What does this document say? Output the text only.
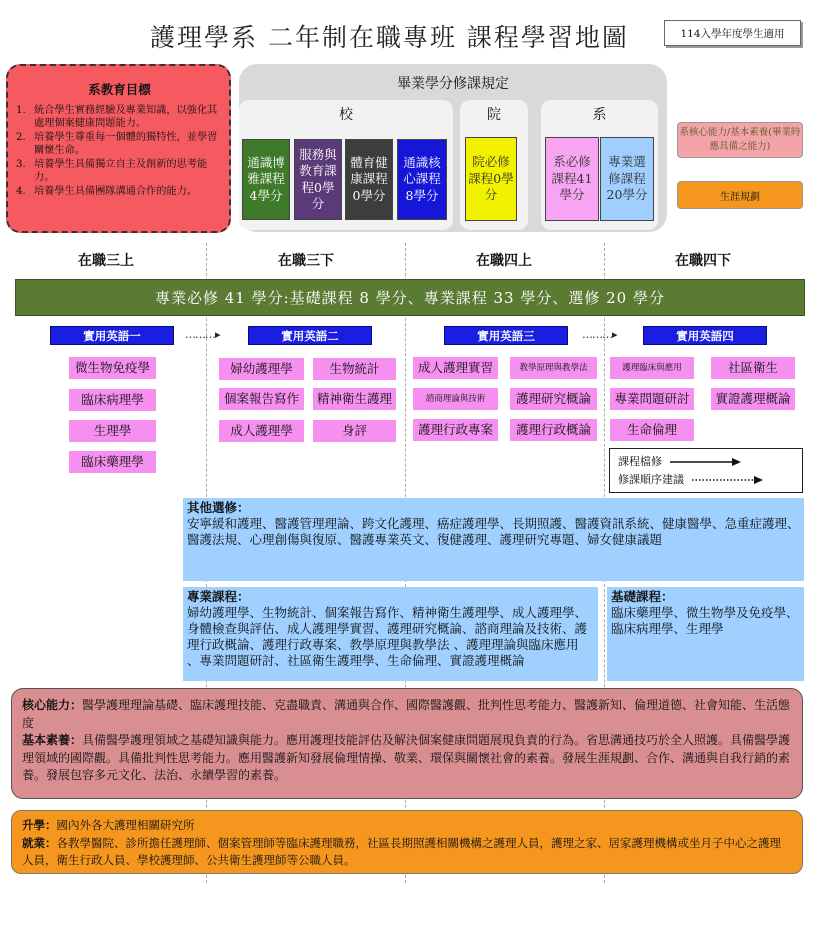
護理學系 二年制在職專班 課程學習地圖	114入學年度學生適用
系教育目標
1. 統合學生實務經驗及專業知識，以強化其處理個案健康問題能力。
2. 培養學生尊重每一個體的獨特性，並學習關懷生命。
3. 培養學生具備獨立自主及創新的思考能力。
4. 培養學生具備團隊溝通合作的能力。
畢業學分修課規定
校
通識博雅課程4學分
服務與教育課程0學分
體育健康課程0學分
通識核心課程8學分
院
院必修課程0學分
系
系必修課程41學分
專業選修課程20學分
系核心能力/基本素養(畢業時應具備之能力)
生涯規劃
在職三上	在職三下	在職四上	在職四下
專業必修 41 學分:基礎課程 8 學分、專業課程 33 學分、選修 20 學分
實用英語一	………▸	實用英語二	實用英語三	………▸	實用英語四
微生物免疫學
臨床病理學
生理學
臨床藥理學
婦幼護理學	生物統計
個案報告寫作	精神衛生護理
成人護理學	身評
成人護理實習	教學原理與教學法
諮商理論與技術	護理研究概論
護理行政專案	護理行政概論
護理臨床與應用	社區衛生
專業問題研討	實證護理概論
生命倫理
課程檔修
修課順序建議
其他選修：
安寧緩和護理、醫護管理理論、跨文化護理、癌症護理學、長期照護、醫護資訊系統、健康醫學、急重症護理、醫護法規、心理創傷與復原、醫護專業英文、復健護理、護理研究專題、婦女健康議題
專業課程：
婦幼護理學、生物統計、個案報告寫作、精神衛生護理學、成人護理學、身體檢查與評估、成人護理學實習、護理研究概論、諮商理論及技術、護理行政概論、護理行政專案、教學原理與教學法 、護理理論與臨床應用 、專業問題研討、社區衛生護理學、生命倫理、實證護理概論
基礎課程：
臨床藥理學、微生物學及免疫學、臨床病理學、生理學
核心能力：醫學護理理論基礎、臨床護理技能、克盡職責、溝通與合作、國際醫護觀、批判性思考能力、醫護新知、倫理道德、社會知能、生活態度
基本素養：具備醫學護理領域之基礎知識與能力。應用護理技能評估及解決個案健康問題展現負責的行為。省思溝通技巧於全人照護。具備醫學護理領域的國際觀。具備批判性思考能力。應用醫護新知發展倫理情操、敬業、環保與關懷社會的素養。發展生涯規劃、合作、溝通與自我行銷的素養。發展包容多元文化、法治、永續學習的素養。
升學：國內外各大護理相關研究所
就業：各教學醫院、診所擔任護理師、個案管理師等臨床護理職務，社區長期照護相關機構之護理人員，護理之家、居家護理機構或坐月子中心之護理人員，衛生行政人員、學校護理師、公共衛生護理師等公職人員。
